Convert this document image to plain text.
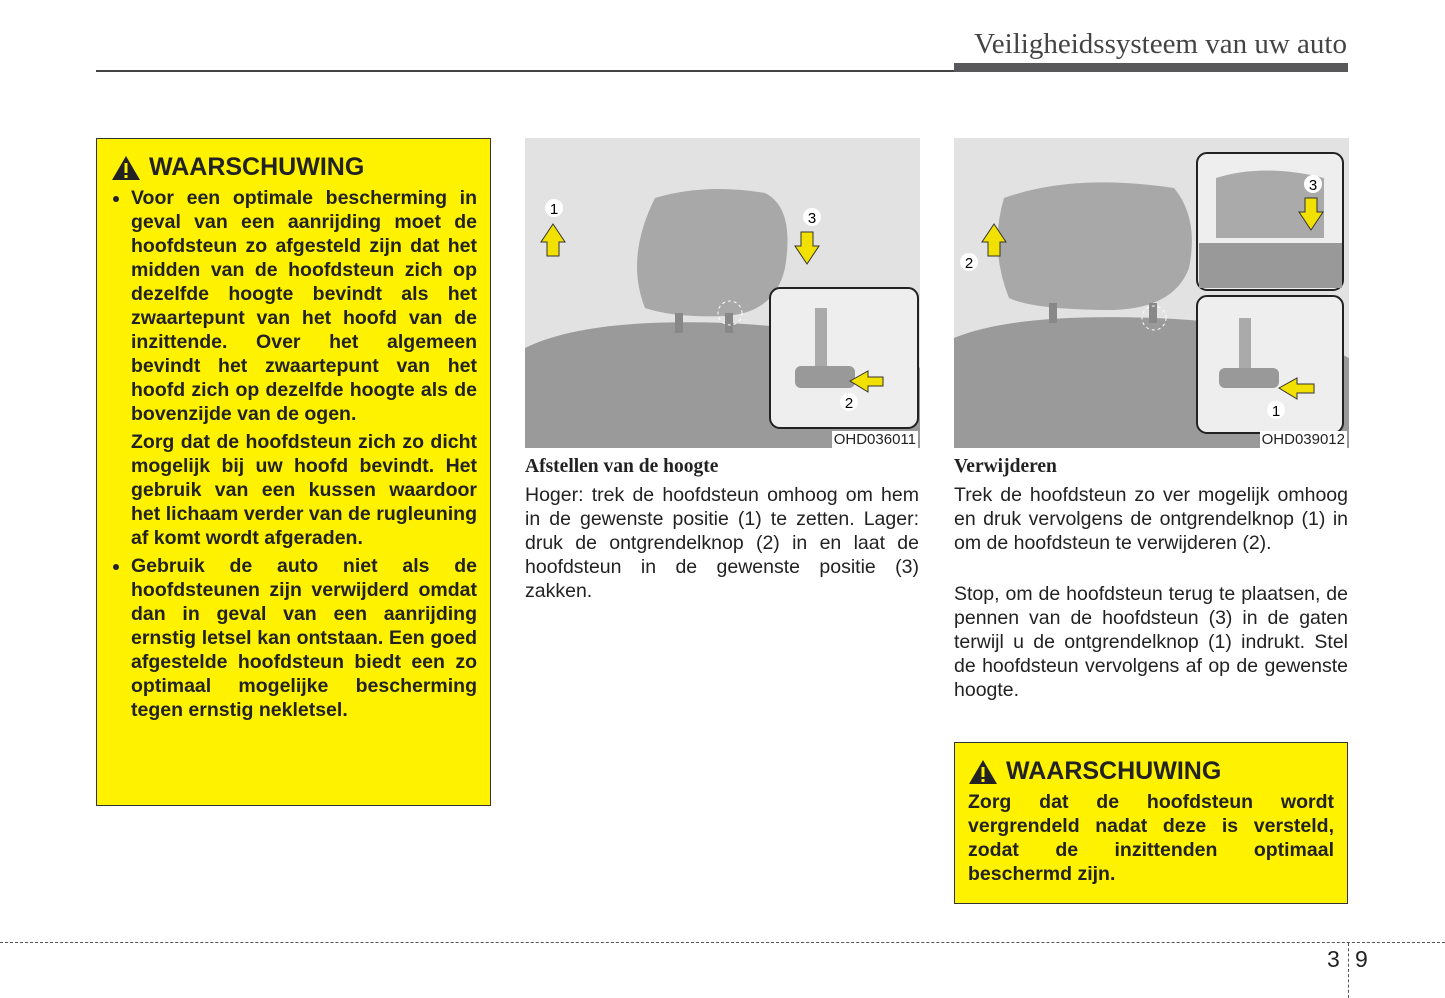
Veiligheidssysteem van uw auto
WAARSCHUWING

• Voor een optimale bescherming in geval van een aanrijding moet de hoofdsteun zo afgesteld zijn dat het midden van de hoofdsteun zich op dezelfde hoogte bevindt als het zwaartepunt van het hoofd van de inzittende. Over het algemeen bevindt het zwaartepunt van het hoofd zich op dezelfde hoogte als de bovenzijde van de ogen.

Zorg dat de hoofdsteun zich zo dicht mogelijk bij uw hoofd bevindt. Het gebruik van een kussen waardoor het lichaam verder van de rugleuning af komt wordt afgeraden.

• Gebruik de auto niet als de hoofdsteunen zijn verwijderd omdat dan in geval van een aanrijding ernstig letsel kan ontstaan. Een goed afgestelde hoofdsteun biedt een zo optimaal mogelijke bescherming tegen ernstig nekletsel.

1
2
3
OHD036011
2
1
3
OHD039012
Afstellen van de hoogte

Hoger: trek de hoofdsteun omhoog om hem in de gewenste positie (1) te zetten. Lager: druk de ontgrendelknop (2) in en laat de hoofdsteun in de gewenste positie (3) zakken.

Verwijderen

Trek de hoofdsteun zo ver mogelijk omhoog en druk vervolgens de ontgrendelknop (1) in om de hoofdsteun te verwijderen (2).

Stop, om de hoofdsteun terug te plaatsen, de pennen van de hoofdsteun (3) in de gaten terwijl u de ontgrendelknop (1) indrukt. Stel de hoofdsteun vervolgens af op de gewenste hoogte.

WAARSCHUWING

Zorg dat de hoofdsteun wordt vergrendeld nadat deze is versteld, zodat de inzittenden optimaal beschermd zijn.

3 9
